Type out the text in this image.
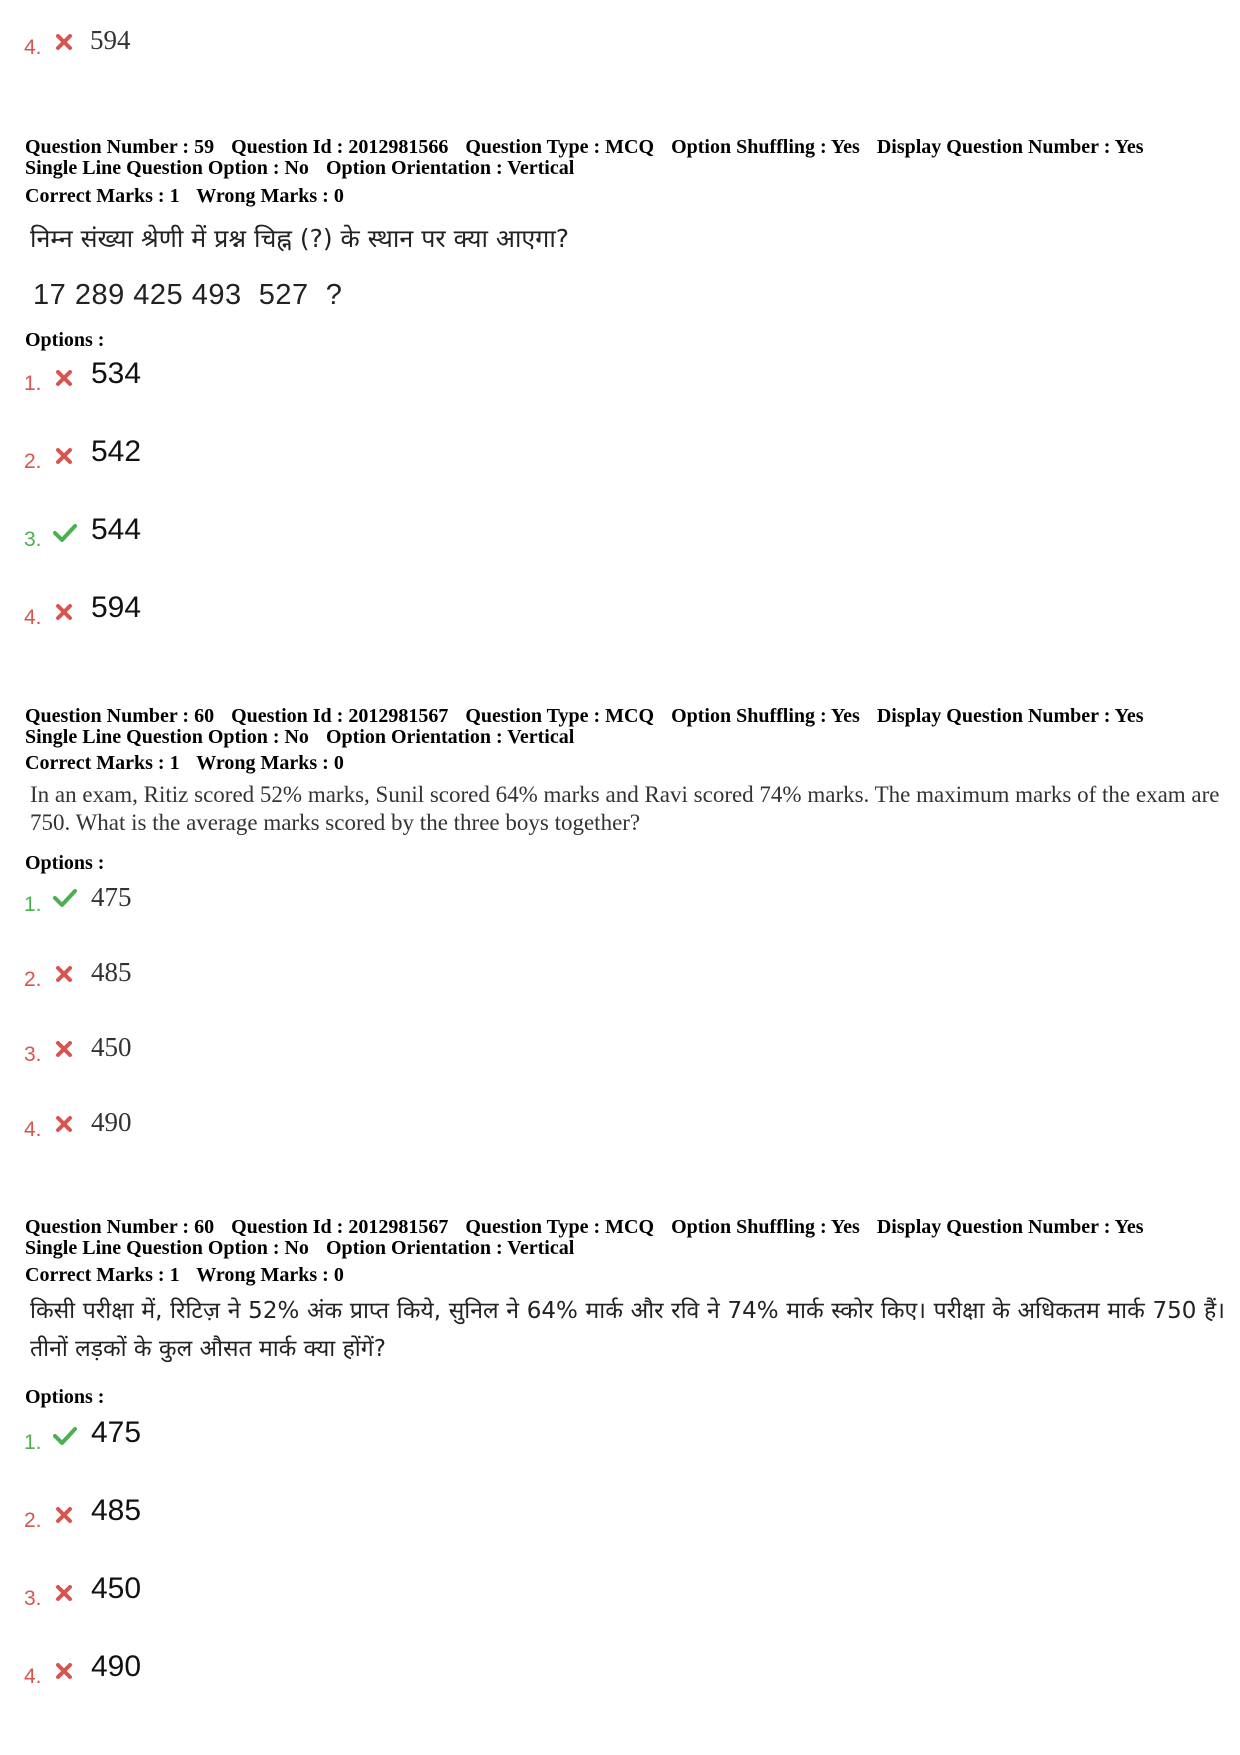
4. 594
Question Number : 59 Question Id : 2012981566 Question Type : MCQ Option Shuffling : Yes Display Question Number : Yes
Single Line Question Option : No Option Orientation : Vertical
Correct Marks : 1 Wrong Marks : 0
निम्न संख्या श्रेणी में प्रश्न चिह्न (?) के स्थान पर क्या आएगा?
17 289 425 493  527  ?
Options :
1. 534
2. 542
3. 544
4. 594
Question Number : 60 Question Id : 2012981567 Question Type : MCQ Option Shuffling : Yes Display Question Number : Yes
Single Line Question Option : No Option Orientation : Vertical
Correct Marks : 1 Wrong Marks : 0
In an exam, Ritiz scored 52% marks, Sunil scored 64% marks and Ravi scored 74% marks. The maximum marks of the exam are 750. What is the average marks scored by the three boys together?
Options :
1. 475
2. 485
3. 450
4. 490
Question Number : 60 Question Id : 2012981567 Question Type : MCQ Option Shuffling : Yes Display Question Number : Yes
Single Line Question Option : No Option Orientation : Vertical
Correct Marks : 1 Wrong Marks : 0
किसी परीक्षा में, रिटिज़ ने 52% अंक प्राप्त किये, सुनिल ने 64% मार्क और रवि ने 74% मार्क स्कोर किए। परीक्षा के अधिकतम मार्क 750 हैं। तीनों लड़कों के कुल औसत मार्क क्या होंगें?
Options :
1. 475
2. 485
3. 450
4. 490
